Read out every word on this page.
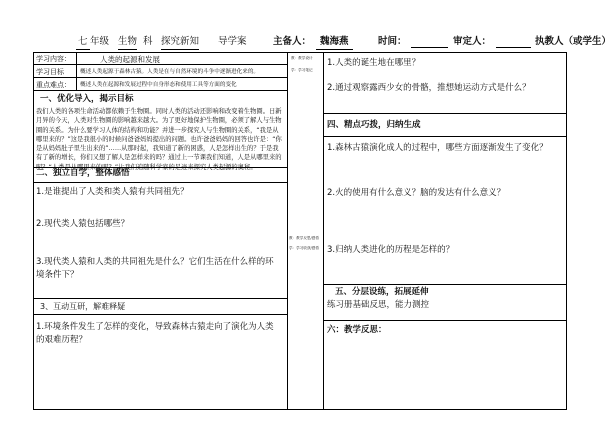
七 年级 生物 科 探究新知 导学案	主备人： 魏海燕	时间：	审定人：	执教人（或学生）
学习内容：	人类的起源和发展
学习目标	概述人类起源于森林古猿。人类是在与自然环境的斗争中逐渐进化来的。
重点难点： 概述人类在起源和发展过程中自身形态和使用工具等方面的变化
教：教学设计
学：学习笔记
教：教学反思/感悟
学：学习收获/感悟
一、优化导入，揭示目标
我们人类的各项生命活动都依赖于生物圈。同时人类的活动还影响和改变着生物圈。日新月异的今天，人类对生物圈的影响越来越大。为了更好地保护生物圈，必须了解人与生物圈的关系。为什么要学习人体的结构和功能？并进一步探究人与生物圈的关系，“我是从哪里来的？”这是我很小的时候问爸爸妈妈提出的问题。也许爸爸妈妈的回答也许是：“你是从妈妈肚子里生出来的”……从那时起，我知道了新的困惑，人是怎样出生的？于是我有了新的增长，你们又想了解人是怎样来的吗？通过上一节课我们知道，人是从哪里来的
二、独立自学，整体感悟
1.是谁提出了人类和类人猿有共同祖先？
2.现代类人猿包括哪些？
3.现代类人猿和人类的共同祖先是什么？它们生活在什么样的环境条件下？
3、互动互研，解难释疑
1.环境条件发生了怎样的变化，导致森林古猿走向了演化为人类的艰难历程？
1.人类的诞生地在哪里？
2.通过观察露西少女的骨骼，推想她运动方式是什么？
四、精点巧拨，归纳生成
1.森林古猿演化成人的过程中，哪些方面逐渐发生了变化？
2.火的使用有什么意义？脑的发达有什么意义？
3.归纳人类进化的历程是怎样的？
五、分层设练，拓展延伸
练习册基础反思，能力测控
六：教学反思：
